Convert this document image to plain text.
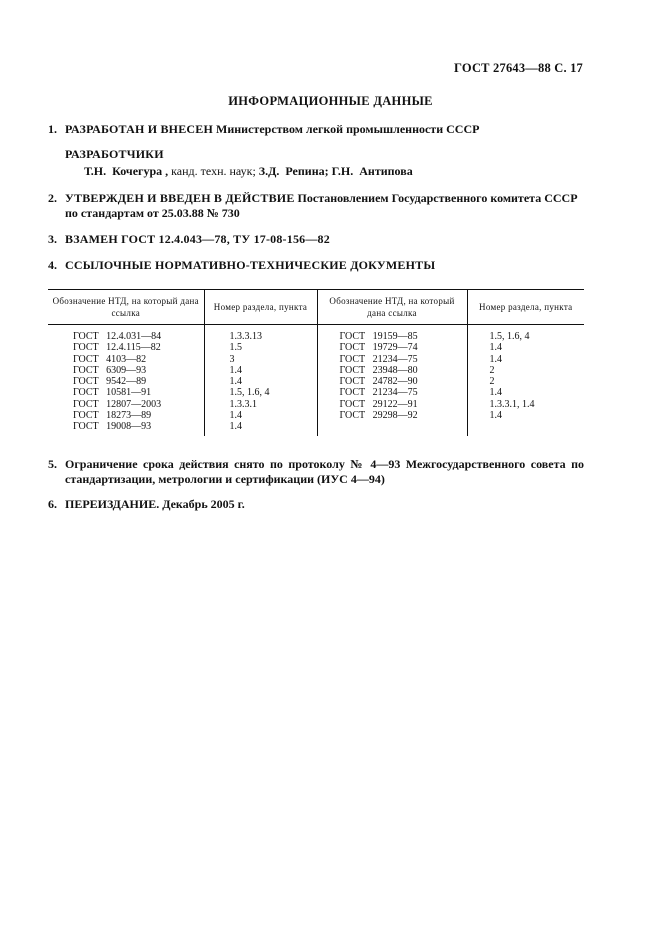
ГОСТ 27643—88 С. 17
ИНФОРМАЦИОННЫЕ ДАННЫЕ
1. РАЗРАБОТАН И ВНЕСЕН Министерством легкой промышленности СССР
РАЗРАБОТЧИКИ
Т.Н.  Кочегура , канд. техн. наук; З.Д.  Репина; Г.Н.  Антипова
2. УТВЕРЖДЕН И ВВЕДЕН В ДЕЙСТВИЕ Постановлением Государственного комитета СССР по стандартам от 25.03.88 № 730
3. ВЗАМЕН ГОСТ 12.4.043—78, ТУ 17-08-156—82
4. ССЫЛОЧНЫЕ НОРМАТИВНО-ТЕХНИЧЕСКИЕ ДОКУМЕНТЫ
Обозначение НТД, на который дана ссылка	Номер раздела, пункта	Обозначение НТД, на который дана ссылка	Номер раздела, пункта
ГОСТ   12.4.031—84	1.3.3.13	ГОСТ   19159—85	1.5, 1.6, 4
ГОСТ   12.4.115—82	1.5	ГОСТ   19729—74	1.4
ГОСТ   4103—82	3	ГОСТ   21234—75	1.4
ГОСТ   6309—93	1.4	ГОСТ   23948—80	2
ГОСТ   9542—89	1.4	ГОСТ   24782—90	2
ГОСТ   10581—91	1.5, 1.6, 4	ГОСТ   21234—75	1.4
ГОСТ   12807—2003	1.3.3.1	ГОСТ   29122—91	1.3.3.1, 1.4
ГОСТ   18273—89	1.4	ГОСТ   29298—92	1.4
ГОСТ   19008—93	1.4		
5. Ограничение срока действия снято по протоколу № 4—93 Межгосударственного совета по стандартизации, метрологии и сертификации (ИУС 4—94)
6. ПЕРЕИЗДАНИЕ. Декабрь 2005 г.
